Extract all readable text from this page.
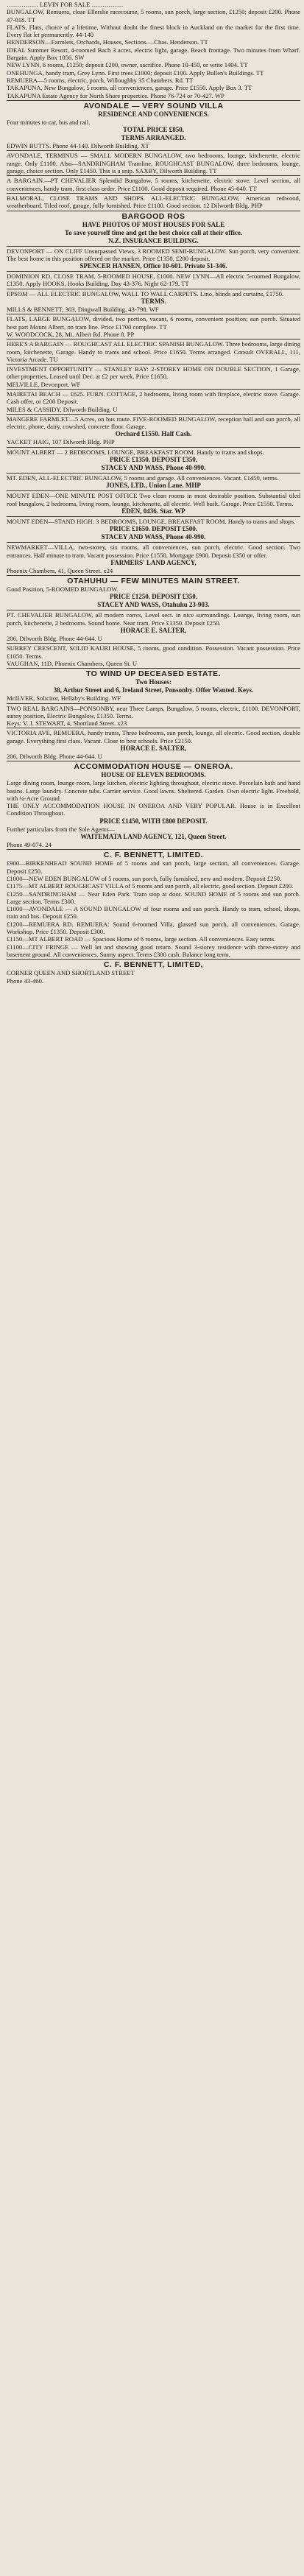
…………… LEVIN FOR SALE ……………
BUNGALOW, Remuera, close Ellerslie racecourse, 5 rooms, sun porch, large section, £1250; deposit £200. Phone 47-018. TT
FLATS, Flats, choice of a lifetime, Without doubt the finest block in Auckland on the market for the first time. Every flat let permanently. 44-140
HENDERSON—Farmlets, Orchards, Houses, Sections.—Chas. Henderson. TT
IDEAL Summer Resort, 4-roomed Bach 3 acres, electric light, garage, Beach frontage. Two minutes from Wharf. Bargain. Apply Box 1056. SW
NEW LYNN, 6 rooms, £1250; deposit £200, owner, sacrifice. Phone 10-450, or write 1404. TT
ONEHUNGA, handy tram, Grey Lynn. First trees £1000; deposit £100. Apply Bullen's Buildings. TT
REMUERA—5 rooms, electric, porch, Willoughby 35 Chambers. Rd. TT
TAKAPUNA, New Bungalow, 5 rooms, all conveniences, garage. Price £1550. Apply Box 3. TT
TAKAPUNA Estate Agency for North Shore properties. Phone 76-724 or 70-427. WP
AVONDALE — VERY SOUND VILLA
RESIDENCE AND CONVENIENCES.
Four minutes to car, bus and rail.
TOTAL PRICE £850.
TERMS ARRANGED.
EDWIN BUTTS. Phone 44-140. Dilworth Building. XT
AVONDALE, TERMINUS — SMALL MODERN BUNGALOW, two bedrooms, lounge, kitchenette, electric range. Only £1100. Also—SANDRINGHAM Tramline, ROUGHCAST BUNGALOW, three bedrooms, lounge, garage, choice section. Only £1450. This is a snip. SAXBY, Dilworth Building. TT
A BARGAIN.—PT CHEVALIER Splendid Bungalow, 5 rooms, kitchenette, electric stove. Level section, all conveniences, handy tram, first class order. Price £1100. Good deposit required. Phone 45-640. TT
BALMORAL, CLOSE TRAMS AND SHOPS. ALL-ELECTRIC BUNGALOW, American redwood, weatherboard. Tiled roof, garage, fully furnished. Price £1100. Good section. 12 Dilworth Bldg. PHP
BARGOOD ROS
HAVE PHOTOS OF MOST HOUSES FOR SALE
To save yourself time and get the best choice call at their office.
N.Z. INSURANCE BUILDING.
DEVONPORT — ON CLIFF Unsurpassed Views, 3 ROOMED SEMI-BUNGALOW. Sun porch, very convenient. The best home in this position offered on the market. Price £1350, £200 deposit.
SPENCER HANSEN, Office 10-601. Private 51-346.
DOMINION RD, CLOSE TRAM, 5-ROOMED HOUSE, £1000. NEW LYNN—All electric 5-roomed Bungalow, £1350. Apply HOOKS, Hooks Building. Day 43-376. Night 62-179. TT
EPSOM — ALL ELECTRIC BUNGALOW, WALL TO WALL CARPETS. Lino, blinds and curtains, £1750.
TERMS.
MILLS & BENNETT, 303, Dingwall Building, 43-798. WF
FLATS, LARGE BUNGALOW, divided, two portion, vacant, 6 rooms, convenient position; sun porch. Situated best part Mount Albert, on tram line. Price £1700 complete. TT
W. WOODCOCK, 28, Mt. Albert Rd. Phone 8. PP
HERE'S A BARGAIN — ROUGHCAST ALL ELECTRIC SPANISH BUNGALOW. Three bedrooms, large dining room, kitchenette, Garage. Handy to trams and school. Price £1650. Terms arranged. Consult OVERALL, 111, Victoria Arcade. TU
INVESTMENT OPPORTUNITY — STANLEY BAY: 2-STOREY HOME ON DOUBLE SECTION, 1 Garage, other properties, Leased until Dec. at £2 per week. Price £1650.
MELVILLE, Devonport. WF
MAIRETAI BEACH — £625. FURN. COTTAGE, 2 bedrooms, living room with fireplace, electric stove. Garage. Cash offer, or £200 Deposit.
MILES & CASSIDY, Dilworth Building. U
MANGERE FARMLET—5 Acres, on bus route. FIVE-ROOMED BUNGALOW, reception hall and sun porch, all electric, phone, dairy, cowshed, concrete floor. Garage.
Orchard £1550. Half Cash.
YACKET HAIG, 107 Dilworth Bldg. PHP
MOUNT ALBERT — 2 BEDROOMS, LOUNGE, BREAKFAST ROOM. Handy to trams and shops.
PRICE £1350. DEPOSIT £350.
STACEY AND WASS, Phone 40-990.
MT. EDEN, ALL-ELECTRIC BUNGALOW, 5 rooms and garage. All conveniences. Vacant. £1450, terms.
JONES, LTD., Union Lane. MHP
MOUNT EDEN—ONE MINUTE POST OFFICE Two clean rooms in most desirable position. Substantial tiled roof bungalow, 2 bedrooms, living room, lounge, kitchenette, all electric. Well built. Garage. Price £1550. Terms.
EDEN, 0436. Star. WP
MOUNT EDEN—STAND HIGH: 3 BEDROOMS, LOUNGE, BREAKFAST ROOM. Handy to trams and shops.
PRICE £1650. DEPOSIT £500.
STACEY AND WASS, Phone 40-990.
NEWMARKET—VILLA, two-storey, six rooms, all conveniences, sun porch, electric. Good section. Two entrances. Half minute to tram. Vacant possession. Price £1550. Mortgage £900. Deposit £350 or offer.
FARMERS' LAND AGENCY,
Phoenix Chambers, 41, Queen Street. x24
OTAHUHU — FEW MINUTES MAIN STREET.
Good Position, 5-ROOMED BUNGALOW.
PRICE £1250. DEPOSIT £350.
STACEY AND WASS, Otahuhu 23-903.
PT. CHEVALIER BUNGALOW, all modern convs, Level sect. in nice surroundings. Lounge, living room, sun porch, kitchenette, 2 bedrooms. Sound home. Near tram. Price £1350. Deposit £250.
HORACE E. SALTER,
206, Dilworth Bldg. Phone 44-644. U
SURREY CRESCENT, SOLID KAURI HOUSE, 5 rooms, good condition. Possession. Vacant possession. Price £1050. Terms.
VAUGHAN, 11D, Phoenix Chambers, Queen St. U
TO WIND UP DECEASED ESTATE.
Two Houses:
38, Arthur Street and 6, Ireland Street, Ponsonby. Offer Wanted. Keys.
McILVER, Solicitor, Hellaby's Building. WF
TWO REAL BARGAINS—PONSONBY, near Three Lamps, Bungalow, 5 rooms, electric, £1100. DEVONPORT, sunny position, Electric Bungalow, £1350. Terms.
Keys: V. J. STEWART, 4, Shortland Street. x23
VICTORIA AVE, REMUERA, handy trams, Three bedrooms, sun porch, lounge, all electric. Good section, double garage. Everything first class. Vacant. Close to best schools. Price £2150.
HORACE E. SALTER,
206, Dilworth Bldg. Phone 44-644. U
ACCOMMODATION HOUSE — ONEROA.
HOUSE OF ELEVEN BEDROOMS.
Large dining room, lounge room, large kitchen, electric lighting throughout, electric stove. Porcelain bath and hand basins. Large laundry. Concrete tubs. Carrier service. Good lawns. Sheltered. Garden. Own electric light. Freehold, with ¼-Acre Ground.
THE ONLY ACCOMMODATION HOUSE IN ONEROA AND VERY POPULAR. House is in Excellent Condition Throughout.
PRICE £1450, WITH £800 DEPOSIT.
Further particulars from the Sole Agents—
WAITEMATA LAND AGENCY, 121, Queen Street.
Phone 49-074. 24
C. F. BENNETT, LIMITED.
£900—BIRKENHEAD SOUND HOME of 5 rooms and sun porch, large section, all conveniences. Garage. Deposit £250.
£1000—NEW EDEN BUNGALOW of 5 rooms, sun porch, fully furnished, new and modern. Deposit £250.
£1175—MT ALBERT ROUGHCAST VILLA of 5 rooms and sun porch, all electric, good section. Deposit £200.
£1250—SANDRINGHAM — Near Eden Park. Tram stop at door. SOUND HOME of 5 rooms and sun porch. Large section. Terms £300.
£1000—AVONDALE — A SOUND BUNGALOW of four rooms and sun porch. Handy to tram, school, shops, train and bus. Deposit £250.
£1200—REMUERA RD. REMUERA: Sound 6-roomed Villa, glassed sun porch, all conveniences. Garage. Workshop. Price £1350. Deposit £300.
£1150—MT ALBERT ROAD — Spacious Home of 6 rooms, large section. All conveniences. Easy terms.
£1100—CITY FRINGE — Well let and showing good return. Sound 3-storey residence with three-storey and basement ground. All conveniences. Sunny aspect. Terms £300 cash. Balance long term.
C. F. BENNETT, LIMITED,
CORNER QUEEN AND SHORTLAND STREET
Phone 43-460.
